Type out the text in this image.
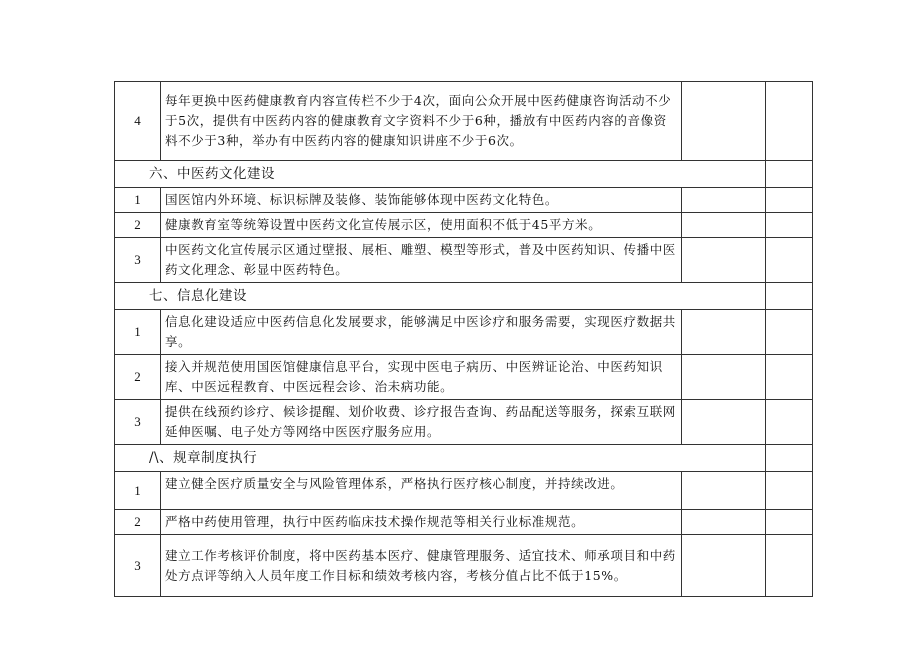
4	每年更换中医药健康教育内容宣传栏不少于4次，面向公众开展中医药健康咨询活动不少于5次，提供有中医药内容的健康教育文字资料不少于6种，播放有中医药内容的音像资料不少于3种，举办有中医药内容的健康知识讲座不少于6次。		
六、中医药文化建设			
1	国医馆内外环境、标识标牌及装修、装饰能够体现中医药文化特色。		
2	健康教育室等统筹设置中医药文化宣传展示区，使用面积不低于45平方米。		
3	中医药文化宣传展示区通过壁报、展柜、雕塑、模型等形式，普及中医药知识、传播中医药文化理念、彰显中医药特色。		
七、信息化建设			
1	信息化建设适应中医药信息化发展要求，能够满足中医诊疗和服务需要，实现医疗数据共享。		
2	接入并规范使用国医馆健康信息平台，实现中医电子病历、中医辨证论治、中医药知识库、中医远程教育、中医远程会诊、治未病功能。		
3	提供在线预约诊疗、候诊提醒、划价收费、诊疗报告查询、药品配送等服务，探索互联网延伸医嘱、电子处方等网络中医医疗服务应用。		
/\、规章制度执行			
1	建立健全医疗质量安全与风险管理体系，严格执行医疗核心制度，并持续改进。		
2	严格中药使用管理，执行中医药临床技术操作规范等相关行业标准规范。		
3	建立工作考核评价制度，将中医药基本医疗、健康管理服务、适宜技术、师承项目和中药处方点评等纳入人员年度工作目标和绩效考核内容，考核分值占比不低于15%。		
